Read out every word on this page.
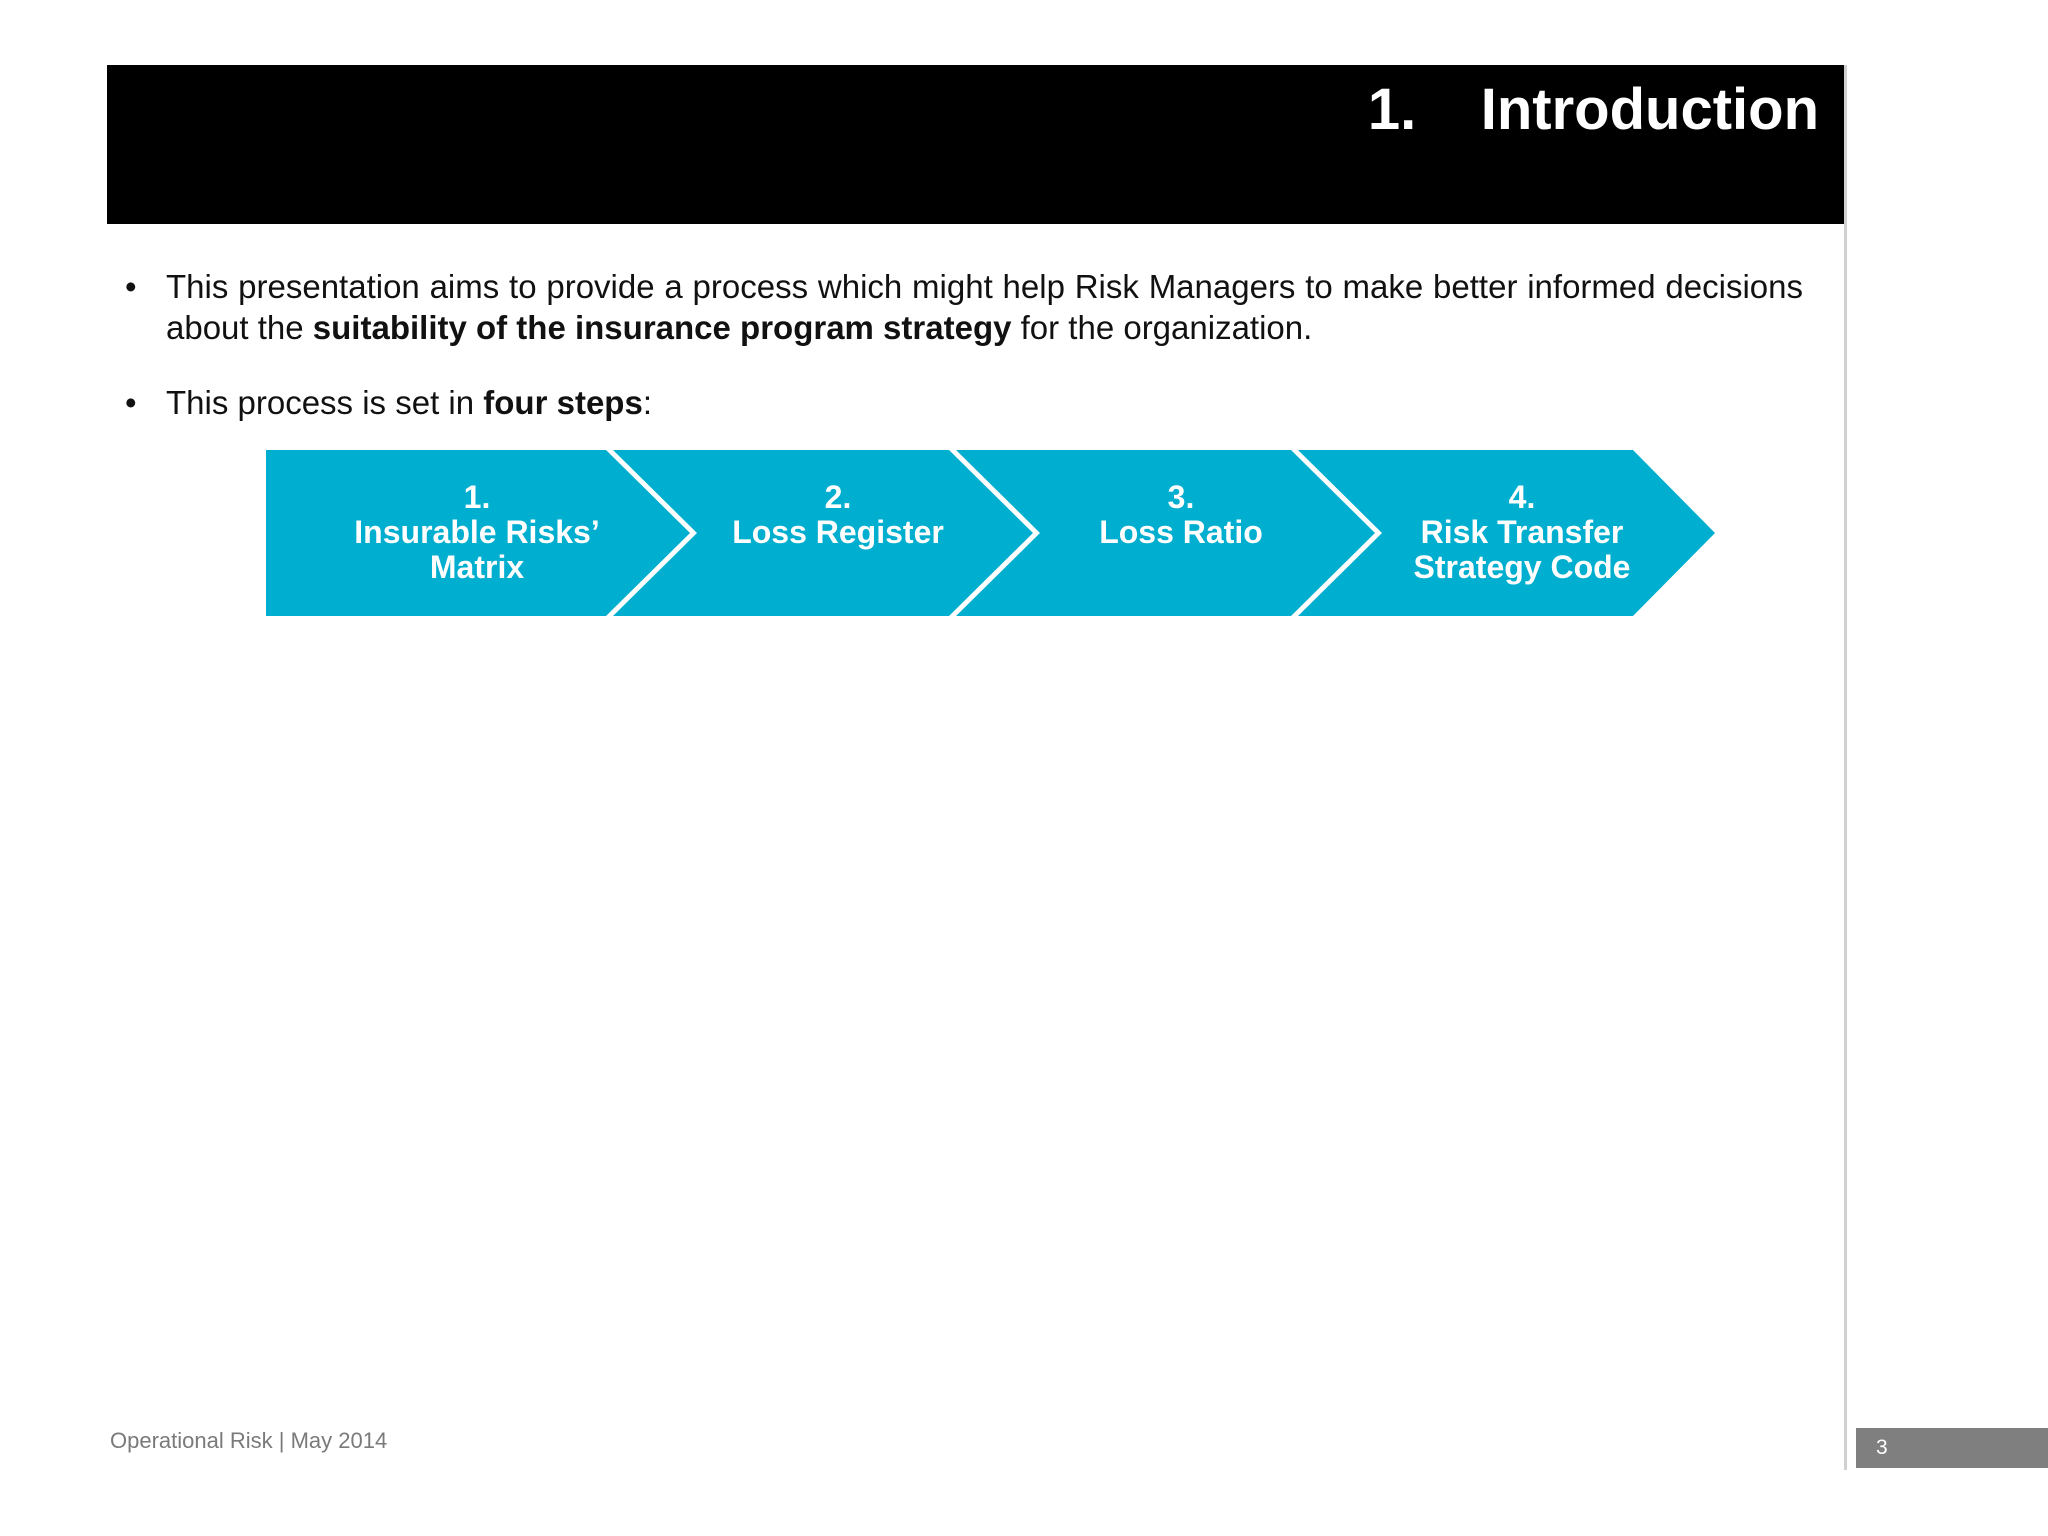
1.    Introduction
• This presentation aims to provide a process which might help Risk Managers to make better informed decisions about the suitability of the insurance program strategy for the organization.
• This process is set in four steps:
1.
Insurable Risks’
Matrix
2.
Loss Register
3.
Loss Ratio
4.
Risk Transfer
Strategy Code
Operational Risk | May 2014	3
